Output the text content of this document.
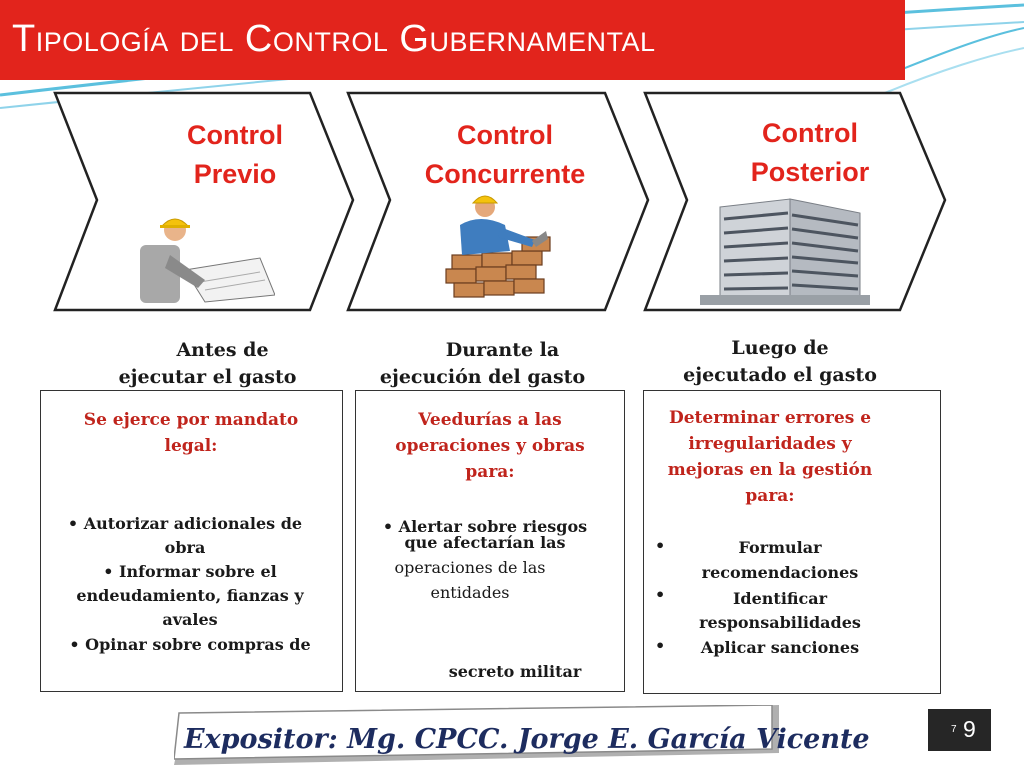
Tipología del Control Gubernamental
Control
Previo
Antes de
ejecutar el gasto
Se ejerce por mandato
legal:
• Autorizar adicionales de
obra
• Informar sobre el
endeudamiento, fianzas y
avales
• Opinar sobre compras de
Control
Concurrente
Durante la
ejecución del gasto
Veedurías a las
operaciones y obras
para:
• Alertar sobre riesgos
que afectarían las
operaciones de las
entidades
secreto militar
Control
Posterior
Luego de
ejecutado el gasto
Determinar errores e
irregularidades y
mejoras en la gestión
para:
•	Formular
recomendaciones
•	Identificar
responsabilidades
•	Aplicar sanciones
Expositor: Mg. CPCC. Jorge E. García Vicente	7 9
